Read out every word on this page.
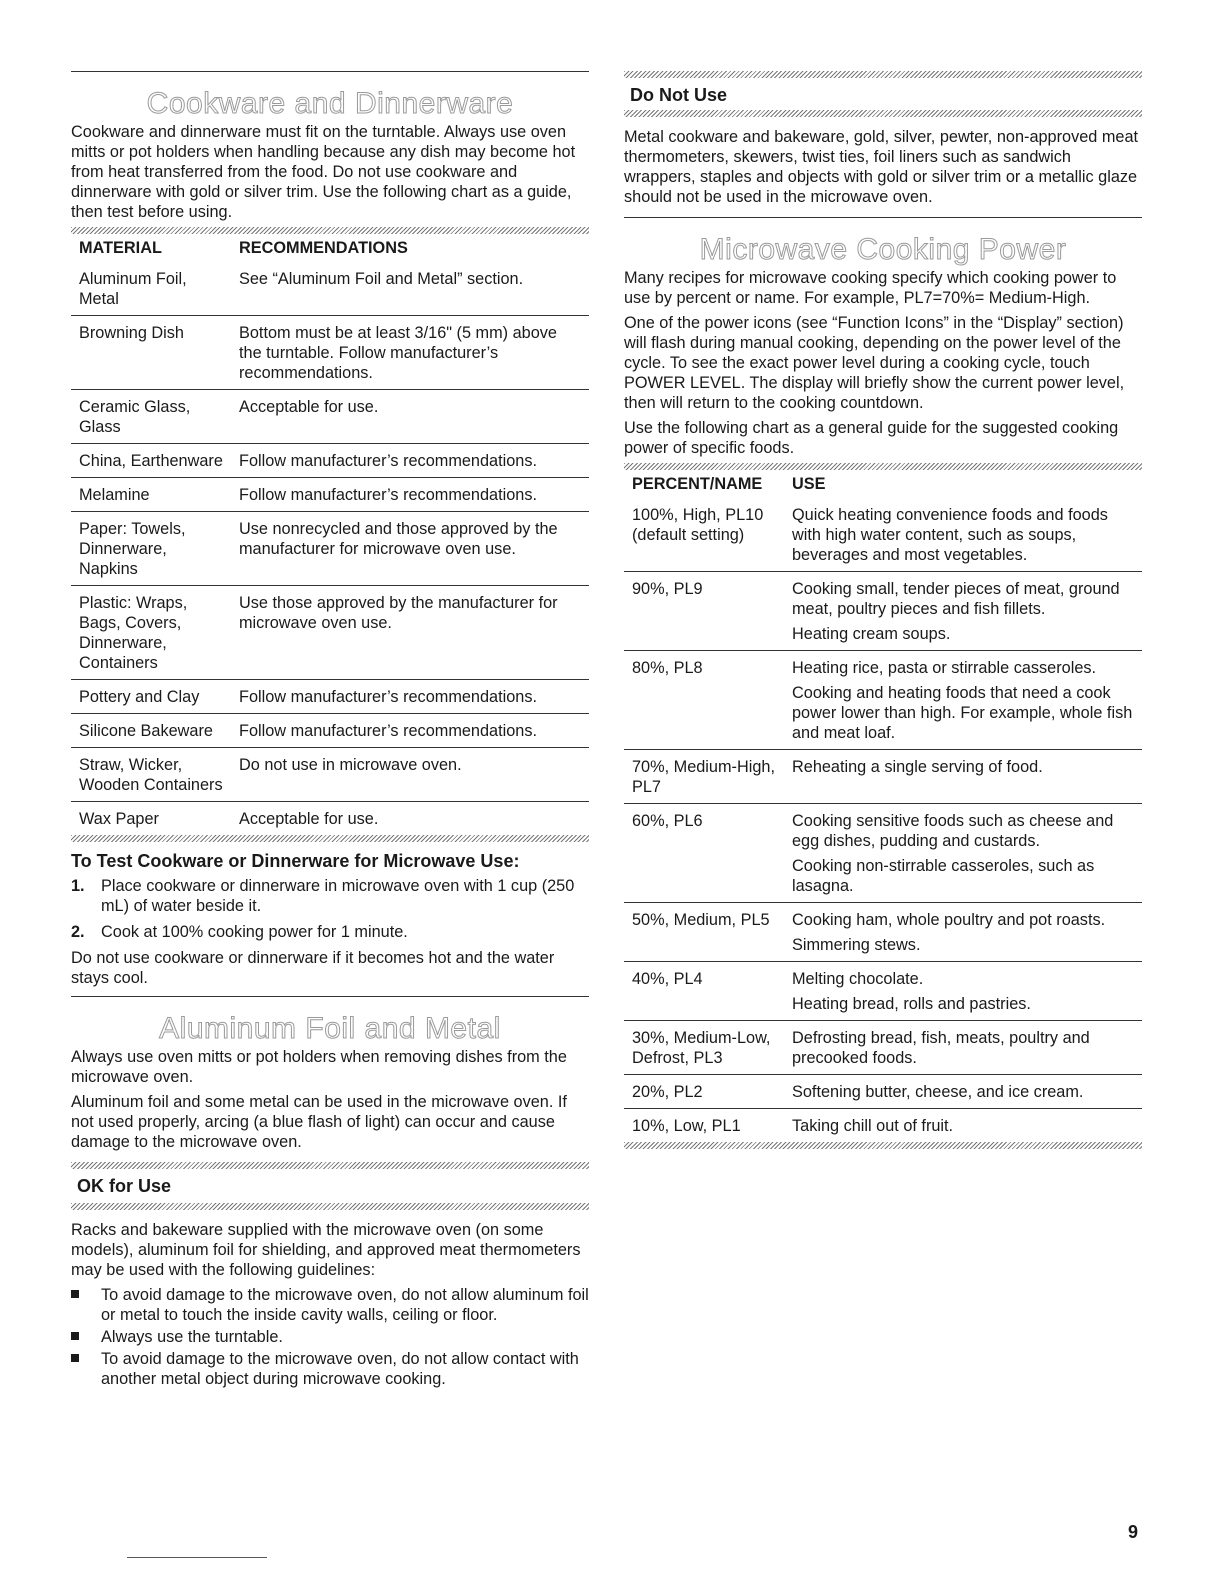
Cookware and Dinnerware

Cookware and dinnerware must fit on the turntable. Always use oven mitts or pot holders when handling because any dish may become hot from heat transferred from the food. Do not use cookware and dinnerware with gold or silver trim. Use the following chart as a guide, then test before using.

MATERIAL	RECOMMENDATIONS
Aluminum Foil, Metal	See “Aluminum Foil and Metal” section.
Browning Dish	Bottom must be at least 3/16" (5 mm) above the turntable. Follow manufacturer’s recommendations.
Ceramic Glass, Glass	Acceptable for use.
China, Earthenware	Follow manufacturer’s recommendations.
Melamine	Follow manufacturer’s recommendations.
Paper: Towels, Dinnerware, Napkins	Use nonrecycled and those approved by the manufacturer for microwave oven use.
Plastic: Wraps, Bags, Covers, Dinnerware, Containers	Use those approved by the manufacturer for microwave oven use.
Pottery and Clay	Follow manufacturer’s recommendations.
Silicone Bakeware	Follow manufacturer’s recommendations.
Straw, Wicker, Wooden Containers	Do not use in microwave oven.
Wax Paper	Acceptable for use.
To Test Cookware or Dinnerware for Microwave Use:
1. Place cookware or dinnerware in microwave oven with 1 cup (250 mL) of water beside it.
2. Cook at 100% cooking power for 1 minute.

Do not use cookware or dinnerware if it becomes hot and the water stays cool.

Aluminum Foil and Metal

Always use oven mitts or pot holders when removing dishes from the microwave oven.

Aluminum foil and some metal can be used in the microwave oven. If not used properly, arcing (a blue flash of light) can occur and cause damage to the microwave oven.

OK for Use

Racks and bakeware supplied with the microwave oven (on some models), aluminum foil for shielding, and approved meat thermometers may be used with the following guidelines:

To avoid damage to the microwave oven, do not allow aluminum foil or metal to touch the inside cavity walls, ceiling or floor.
Always use the turntable.
To avoid damage to the microwave oven, do not allow contact with another metal object during microwave cooking.
Do Not Use

Metal cookware and bakeware, gold, silver, pewter, non-approved meat thermometers, skewers, twist ties, foil liners such as sandwich wrappers, staples and objects with gold or silver trim or a metallic glaze should not be used in the microwave oven.

Microwave Cooking Power

Many recipes for microwave cooking specify which cooking power to use by percent or name. For example, PL7=70%= Medium-High.

One of the power icons (see “Function Icons” in the “Display” section) will flash during manual cooking, depending on the power level of the cycle. To see the exact power level during a cooking cycle, touch POWER LEVEL. The display will briefly show the current power level, then will return to the cooking countdown.

Use the following chart as a general guide for the suggested cooking power of specific foods.

PERCENT/NAME	USE
100%, High, PL10 (default setting)	Quick heating convenience foods and foods with high water content, such as soups, beverages and most vegetables.

90%, PL9	Cooking small, tender pieces of meat, ground meat, poultry pieces and fish fillets.

Heating cream soups.

80%, PL8	Heating rice, pasta or stirrable casseroles.

Cooking and heating foods that need a cook power lower than high. For example, whole fish and meat loaf.

70%, Medium-High, PL7	Reheating a single serving of food.

60%, PL6	Cooking sensitive foods such as cheese and egg dishes, pudding and custards.

Cooking non-stirrable casseroles, such as lasagna.

50%, Medium, PL5	Cooking ham, whole poultry and pot roasts.

Simmering stews.

40%, PL4	Melting chocolate.

Heating bread, rolls and pastries.

30%, Medium-Low, Defrost, PL3	Defrosting bread, fish, meats, poultry and precooked foods.

20%, PL2	Softening butter, cheese, and ice cream.

10%, Low, PL1	Taking chill out of fruit.

9
